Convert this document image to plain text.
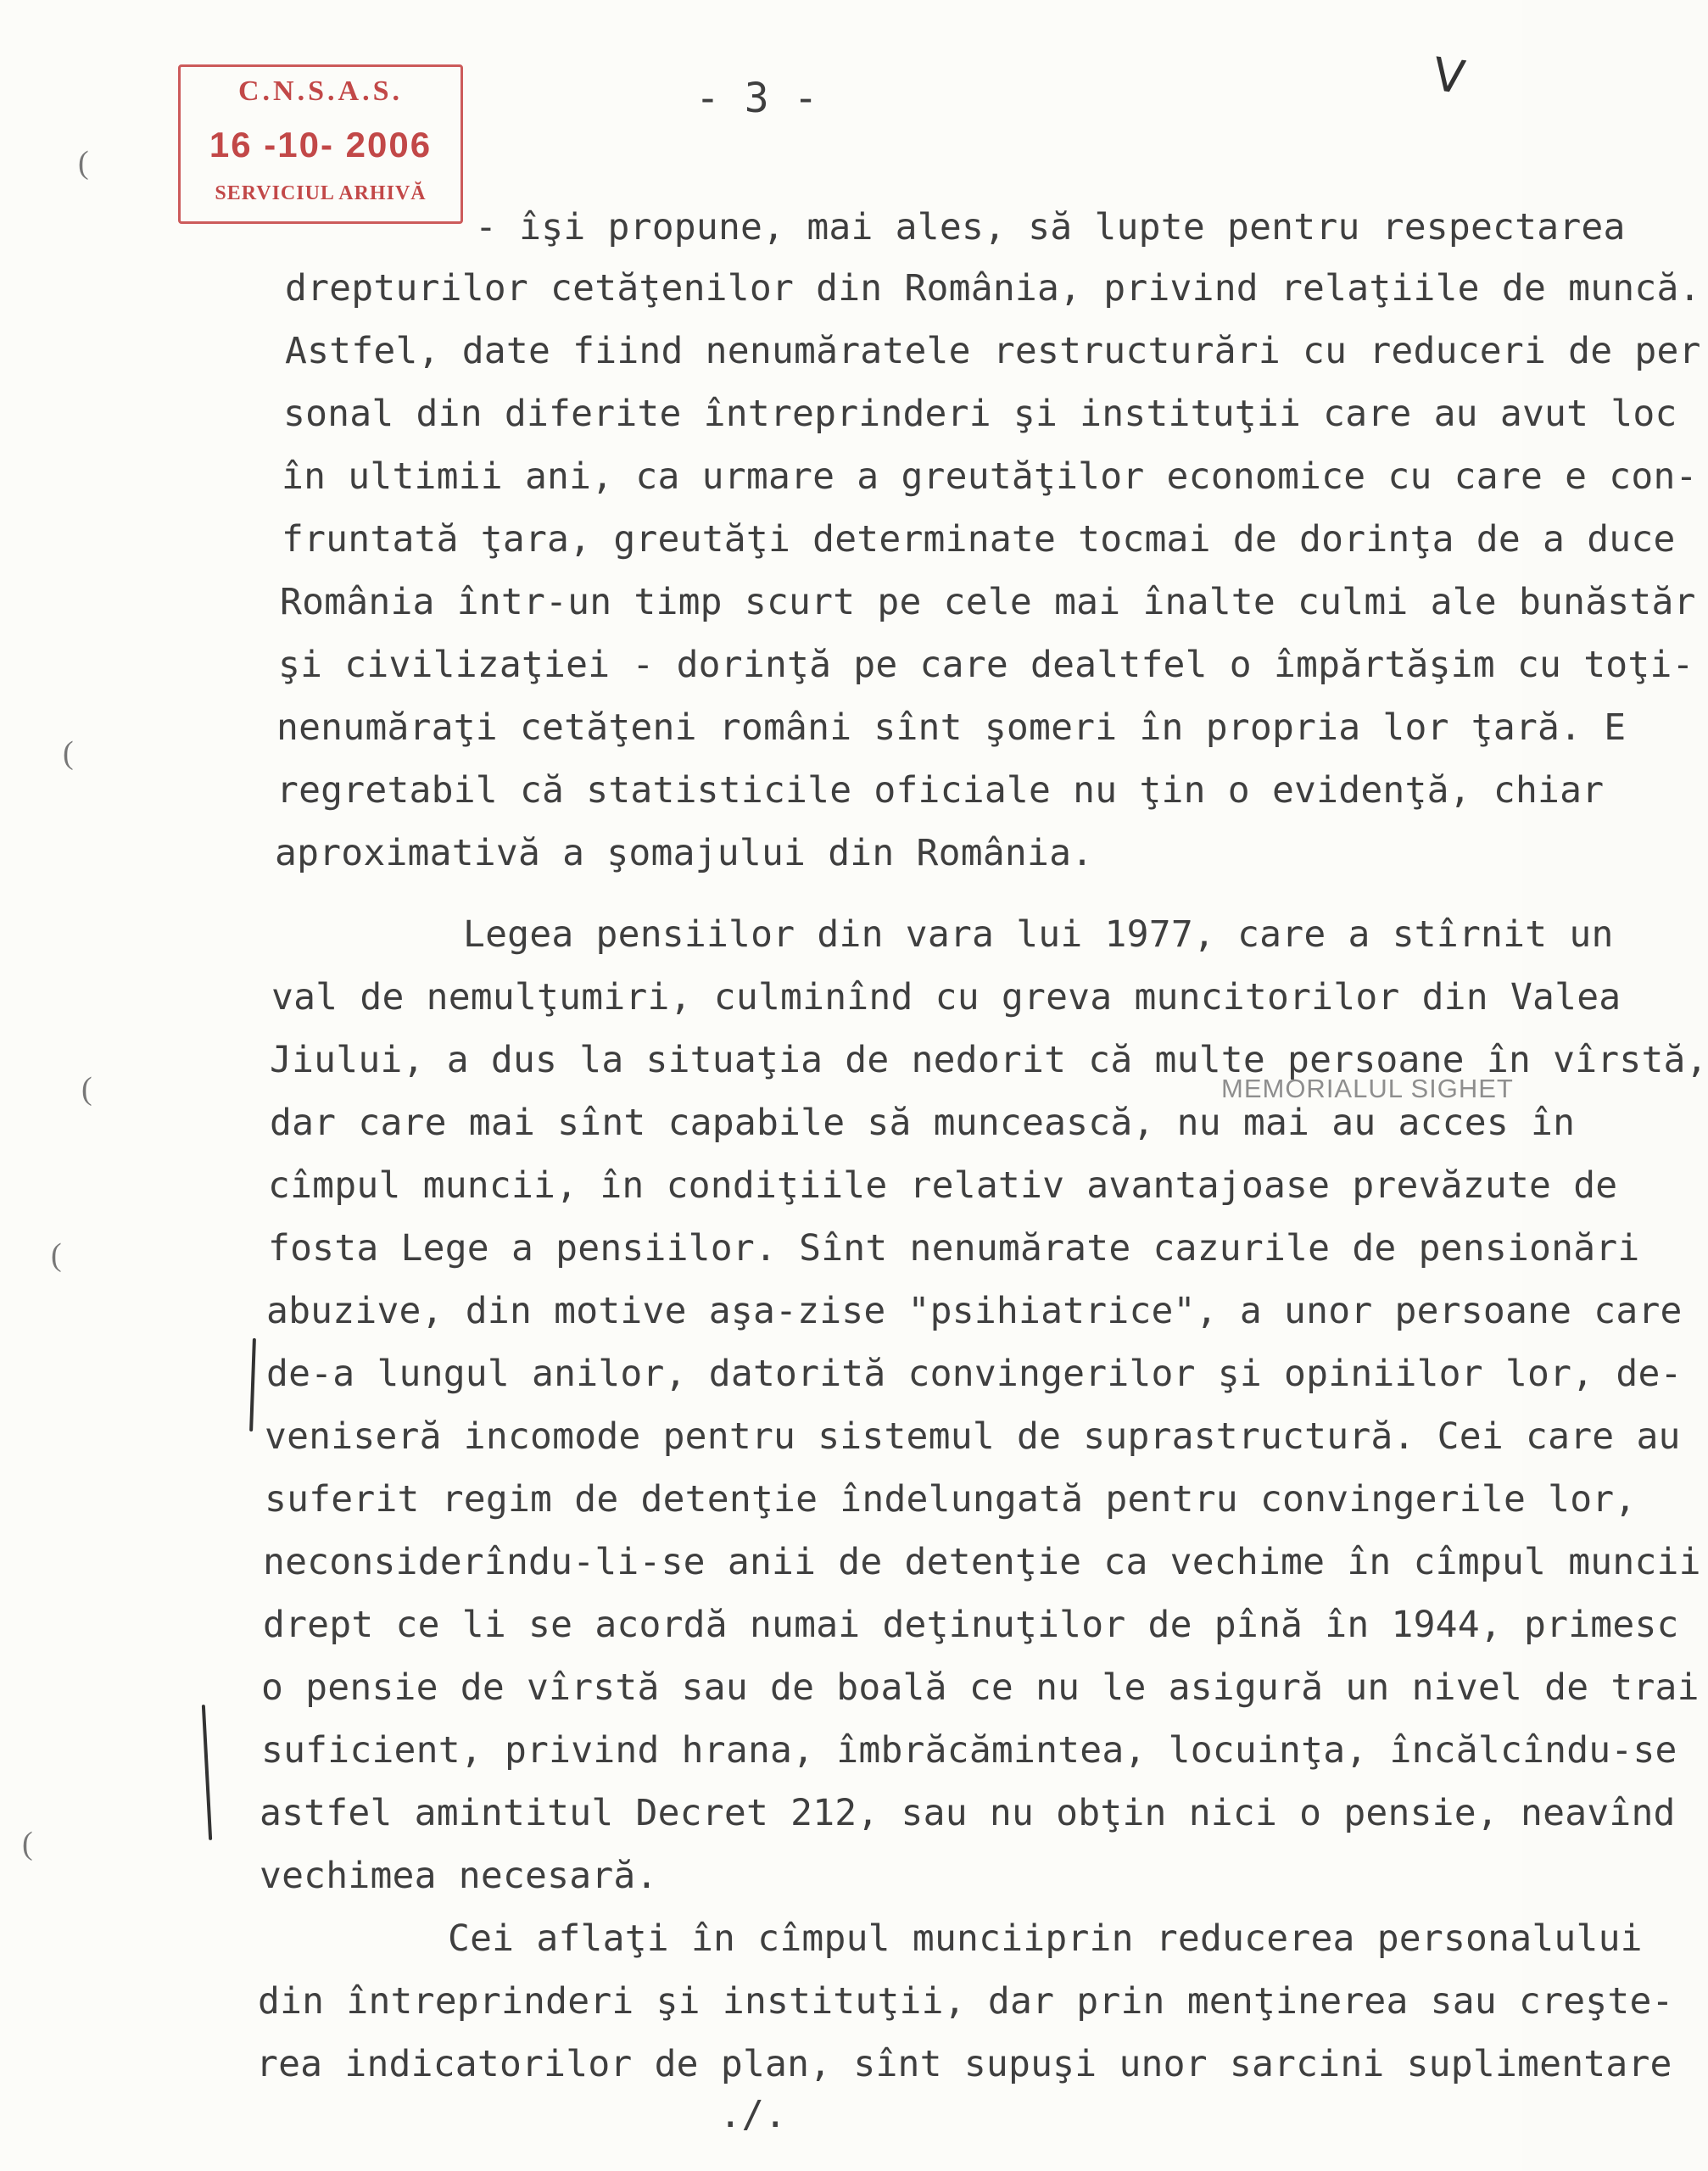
C.N.S.A.S.
16 -10- 2006
SERVICIUL ARHIVĂ
- 3 -	Ⅴ
- îşi propune, mai ales, să lupte pentru respectarea
drepturilor cetăţenilor din România, privind relaţiile de muncă.
Astfel, date fiind nenumăratele restructurări cu reduceri de per
sonal din diferite întreprinderi şi instituţii care au avut loc
în ultimii ani, ca urmare a greutăţilor economice cu care e con-
fruntată ţara, greutăţi determinate tocmai de dorinţa de a duce
România într-un timp scurt pe cele mai înalte culmi ale bunăstăr
şi civilizaţiei - dorinţă pe care dealtfel o împărtăşim cu toţi-
nenumăraţi cetăţeni români sînt şomeri în propria lor ţară. E
regretabil că statisticile oficiale nu ţin o evidenţă, chiar
aproximativă a şomajului din România.
Legea pensiilor din vara lui 1977, care a stîrnit un
val de nemulţumiri, culminînd cu greva muncitorilor din Valea
Jiului, a dus la situaţia de nedorit că multe persoane în vîrstă,
dar care mai sînt capabile să muncească, nu mai au acces în
cîmpul muncii, în condiţiile relativ avantajoase prevăzute de
fosta Lege a pensiilor. Sînt nenumărate cazurile de pensionări
abuzive, din motive aşa-zise "psihiatrice", a unor persoane care
de-a lungul anilor, datorită convingerilor şi opiniilor lor, de-
veniseră incomode pentru sistemul de suprastructură. Cei care au
suferit regim de detenţie îndelungată pentru convingerile lor,
neconsiderîndu-li-se anii de detenţie ca vechime în cîmpul muncii
drept ce li se acordă numai deţinuţilor de pînă în 1944, primesc
o pensie de vîrstă sau de boală ce nu le asigură un nivel de trai
suficient, privind hrana, îmbrăcămintea, locuinţa, încălcîndu-se
astfel amintitul Decret 212, sau nu obţin nici o pensie, neavînd
vechimea necesară.
Cei aflaţi în cîmpul munciiprin reducerea personalului
din întreprinderi şi instituţii, dar prin menţinerea sau creşte-
rea indicatorilor de plan, sînt supuşi unor sarcini suplimentare
./.
MEMORIALUL SIGHET
(
(
(
(
(
